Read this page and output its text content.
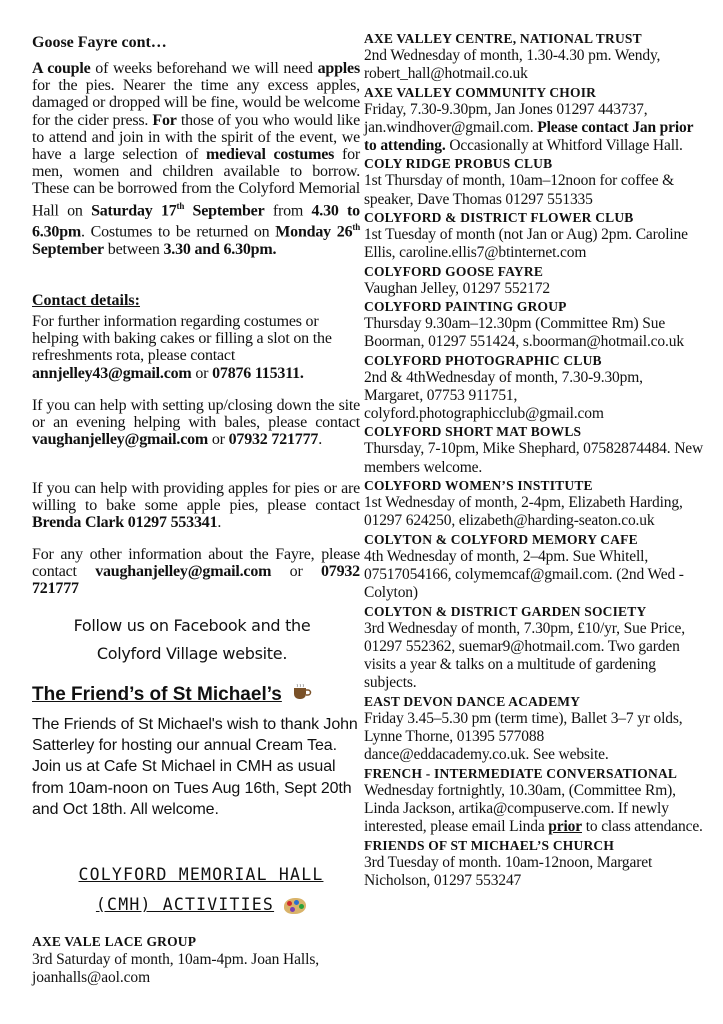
Goose Fayre cont…

A couple of weeks beforehand we will need apples for the pies. Nearer the time any excess apples, damaged or dropped will be fine, would be welcome for the cider press. For those of you who would like to attend and join in with the spirit of the event, we have a large selection of medieval costumes for men, women and children available to borrow. These can be borrowed from the Colyford Memorial Hall on Saturday 17th September from 4.30 to 6.30pm. Costumes to be returned on Monday 26th September between 3.30 and 6.30pm.

Contact details:

For further information regarding costumes or helping with baking cakes or filling a slot on the refreshments rota, please contact annjelley43@gmail.com or 07876 115311.

If you can help with setting up/closing down the site or an evening helping with bales, please contact vaughanjelley@gmail.com or 07932 721777.

If you can help with providing apples for pies or are willing to bake some apple pies, please contact Brenda Clark 01297 553341.

For any other information about the Fayre, please contact vaughanjelley@gmail.com or 07932 721777

Follow us on Facebook and the
Colyford Village website.
The Friend’s of St Michael’s
The Friends of St Michael's wish to thank John Satterley for hosting our annual Cream Tea. Join us at Cafe St Michael in CMH as usual from 10am-noon on Tues Aug 16th, Sept 20th and Oct 18th. All welcome.
COLYFORD MEMORIAL HALL
(CMH) ACTIVITIES
AXE VALE LACE GROUP
3rd Saturday of month, 10am-4pm. Joan Halls, joanhalls@aol.com
AXE VALLEY CENTRE, NATIONAL TRUST
2nd Wednesday of month, 1.30-4.30 pm. Wendy, robert_hall@hotmail.co.uk
AXE VALLEY COMMUNITY CHOIR
Friday, 7.30-9.30pm, Jan Jones 01297 443737, jan.windhover@gmail.com. Please contact Jan prior to attending. Occasionally at Whitford Village Hall.
COLY RIDGE PROBUS CLUB
1st Thursday of month, 10am–12noon for coffee & speaker, Dave Thomas 01297 551335
COLYFORD & DISTRICT FLOWER CLUB
1st Tuesday of month (not Jan or Aug) 2pm. Caroline Ellis, caroline.ellis7@btinternet.com
COLYFORD GOOSE FAYRE
Vaughan Jelley, 01297 552172
COLYFORD PAINTING GROUP
Thursday 9.30am–12.30pm (Committee Rm) Sue Boorman, 01297 551424, s.boorman@hotmail.co.uk
COLYFORD PHOTOGRAPHIC CLUB
2nd & 4thWednesday of month, 7.30-9.30pm, Margaret, 07753 911751, colyford.photographicclub@gmail.com
COLYFORD SHORT MAT BOWLS
Thursday, 7-10pm, Mike Shephard, 07582874484. New members welcome.
COLYFORD WOMEN’S INSTITUTE
1st Wednesday of month, 2-4pm, Elizabeth Harding, 01297 624250, elizabeth@harding-seaton.co.uk
COLYTON & COLYFORD MEMORY CAFE
4th Wednesday of month, 2–4pm. Sue Whitell, 07517054166, colymemcaf@gmail.com. (2nd Wed - Colyton)
COLYTON & DISTRICT GARDEN SOCIETY
3rd Wednesday of month, 7.30pm, £10/yr, Sue Price, 01297 552362, suemar9@hotmail.com. Two garden visits a year & talks on a multitude of gardening subjects.
EAST DEVON DANCE ACADEMY
Friday 3.45–5.30 pm (term time), Ballet 3–7 yr olds, Lynne Thorne, 01395 577088 dance@eddacademy.co.uk. See website.
FRENCH - INTERMEDIATE CONVERSATIONAL
Wednesday fortnightly, 10.30am, (Committee Rm), Linda Jackson, artika@compuserve.com. If newly interested, please email Linda prior to class attendance.
FRIENDS OF ST MICHAEL’S CHURCH
3rd Tuesday of month. 10am-12noon, Margaret Nicholson, 01297 553247
